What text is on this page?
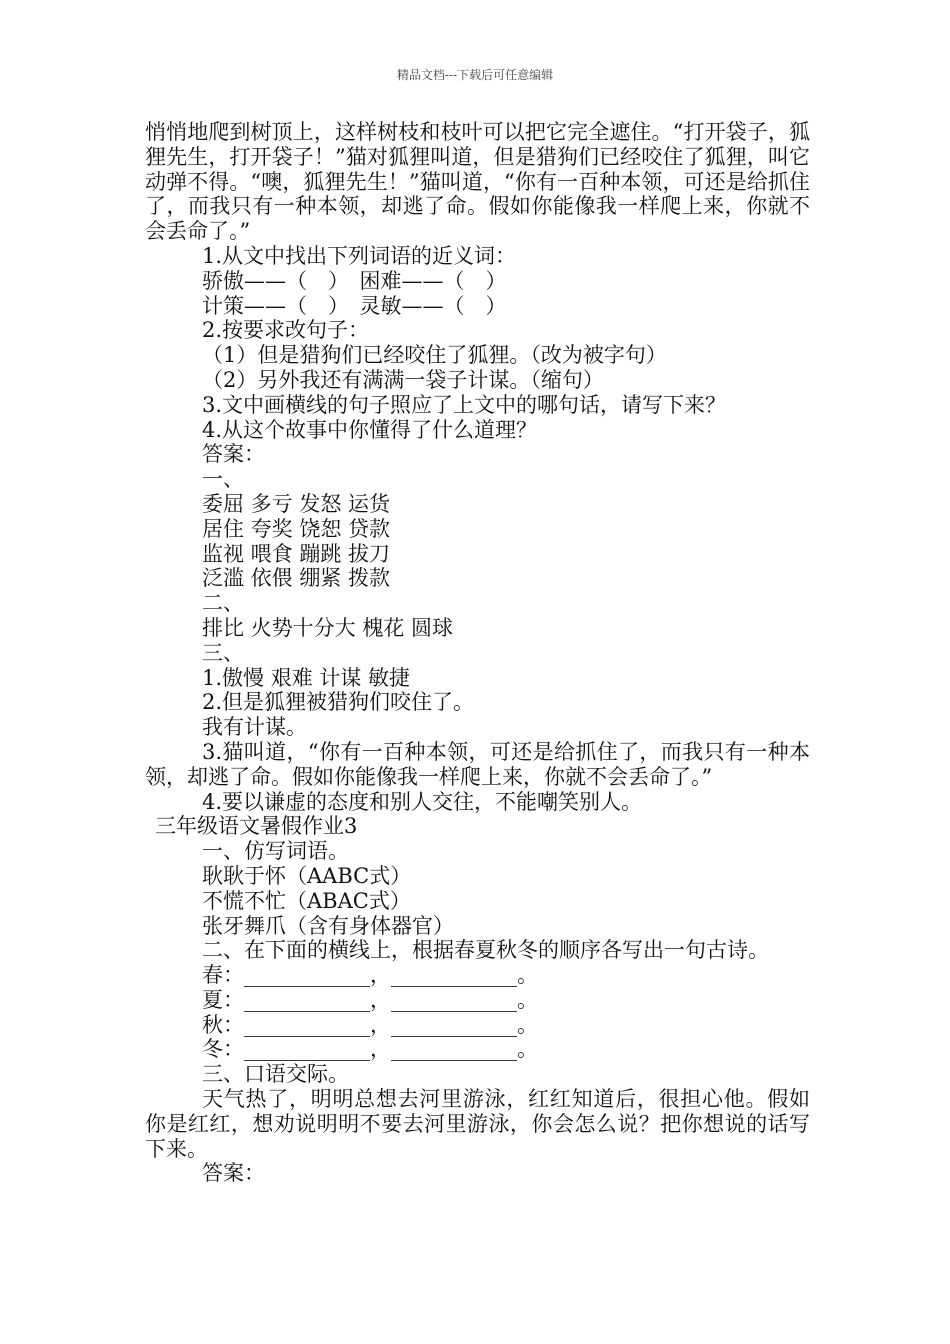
精品文档---下载后可任意编辑
悄悄地爬到树顶上，这样树枝和枝叶可以把它完全遮住。“打开袋子，狐狸先生，打开袋子！”猫对狐狸叫道，但是猎狗们已经咬住了狐狸，叫它动弹不得。“噢，狐狸先生！”猫叫道，“你有一百种本领，可还是给抓住了，而我只有一种本领，却逃了命。假如你能像我一样爬上来，你就不会丢命了。”
1.从文中找出下列词语的近义词：
骄傲——（　）　困难——（　）
计策——（　）　灵敏——（　）
2.按要求改句子：
（1）但是猎狗们已经咬住了狐狸。（改为被字句）
（2）另外我还有满满一袋子计谋。（缩句）
3.文中画横线的句子照应了上文中的哪句话，请写下来？
4.从这个故事中你懂得了什么道理？
答案：
一、
委屈 多亏 发怒 运货
居住 夸奖 饶恕 贷款
监视 喂食 蹦跳 拔刀
泛滥 依偎 绷紧 拨款
二、
排比 火势十分大 槐花 圆球
三、
1.傲慢 艰难 计谋 敏捷
2.但是狐狸被猎狗们咬住了。
我有计谋。
3.猫叫道，“你有一百种本领，可还是给抓住了，而我只有一种本领，却逃了命。假如你能像我一样爬上来，你就不会丢命了。”
4.要以谦虚的态度和别人交往，不能嘲笑别人。
三年级语文暑假作业3
一、仿写词语。
耿耿于怀（AABC式）
不慌不忙（ABAC式）
张牙舞爪（含有身体器官）
二、在下面的横线上，根据春夏秋冬的顺序各写出一句古诗。
春：____________，____________。
夏：____________，____________。
秋：____________，____________。
冬：____________，____________。
三、口语交际。
天气热了，明明总想去河里游泳，红红知道后，很担心他。假如你是红红，想劝说明明不要去河里游泳，你会怎么说？把你想说的话写下来。
答案：
